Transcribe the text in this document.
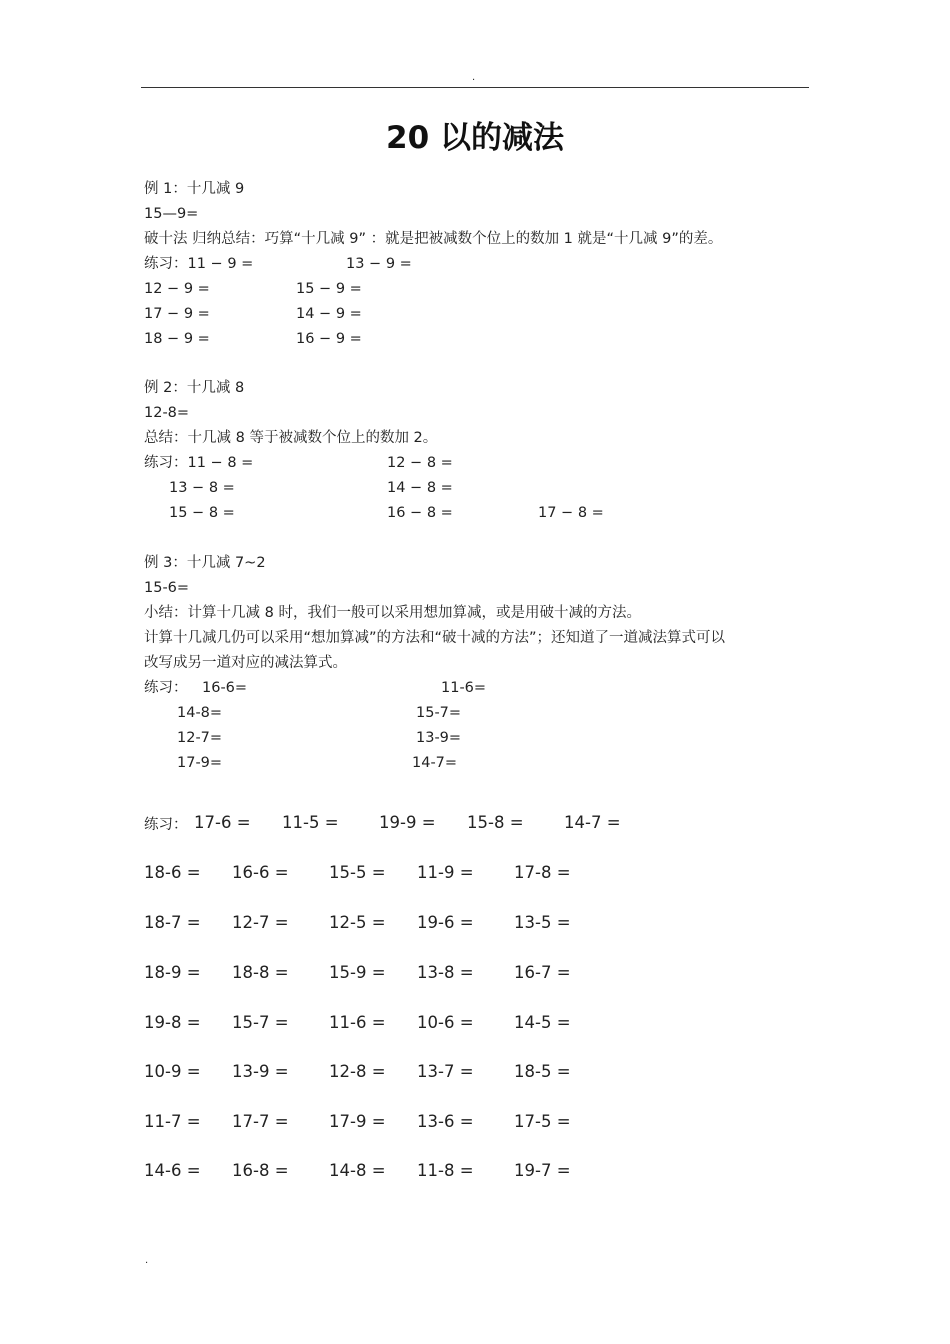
.
20 以的减法
例 1：十几减 9
15—9=
破十法 归纳总结：巧算“十几减 9” ：就是把被减数个位上的数加 1 就是“十几减 9”的差。
练习：11 − 9 =	13 − 9 =
12 − 9 =	15 − 9 =
17 − 9 =	14 − 9 =
18 − 9 =	16 − 9 =
例 2：十几减 8
12-8=
总结：十几减 8 等于被减数个位上的数加 2。
练习：11 − 8 =	12 − 8 =
13 − 8 =	14 − 8 =
15 − 8 =	16 − 8 =	17 − 8 =
例 3：十几减 7~2
15-6=
小结：计算十几减 8 时，我们一般可以采用想加算减，或是用破十减的方法。
计算十几减几仍可以采用“想加算减”的方法和“破十减的方法”；还知道了一道减法算式可以
改写成另一道对应的减法算式。
练习： 16-6=	11-6=
14-8=	15-7=
12-7=	13-9=
17-9=	14-7=
练习： 17-6 = 11-5 = 19-9 = 15-8 = 14-7 =
18-6 = 16-6 = 15-5 = 11-9 = 17-8 =
18-7 = 12-7 = 12-5 = 19-6 = 13-5 =
18-9 = 18-8 = 15-9 = 13-8 = 16-7 =
19-8 = 15-7 = 11-6 = 10-6 = 14-5 =
10-9 = 13-9 = 12-8 = 13-7 = 18-5 =
11-7 = 17-7 = 17-9 = 13-6 = 17-5 =
14-6 = 16-8 = 14-8 = 11-8 = 19-7 =
.
